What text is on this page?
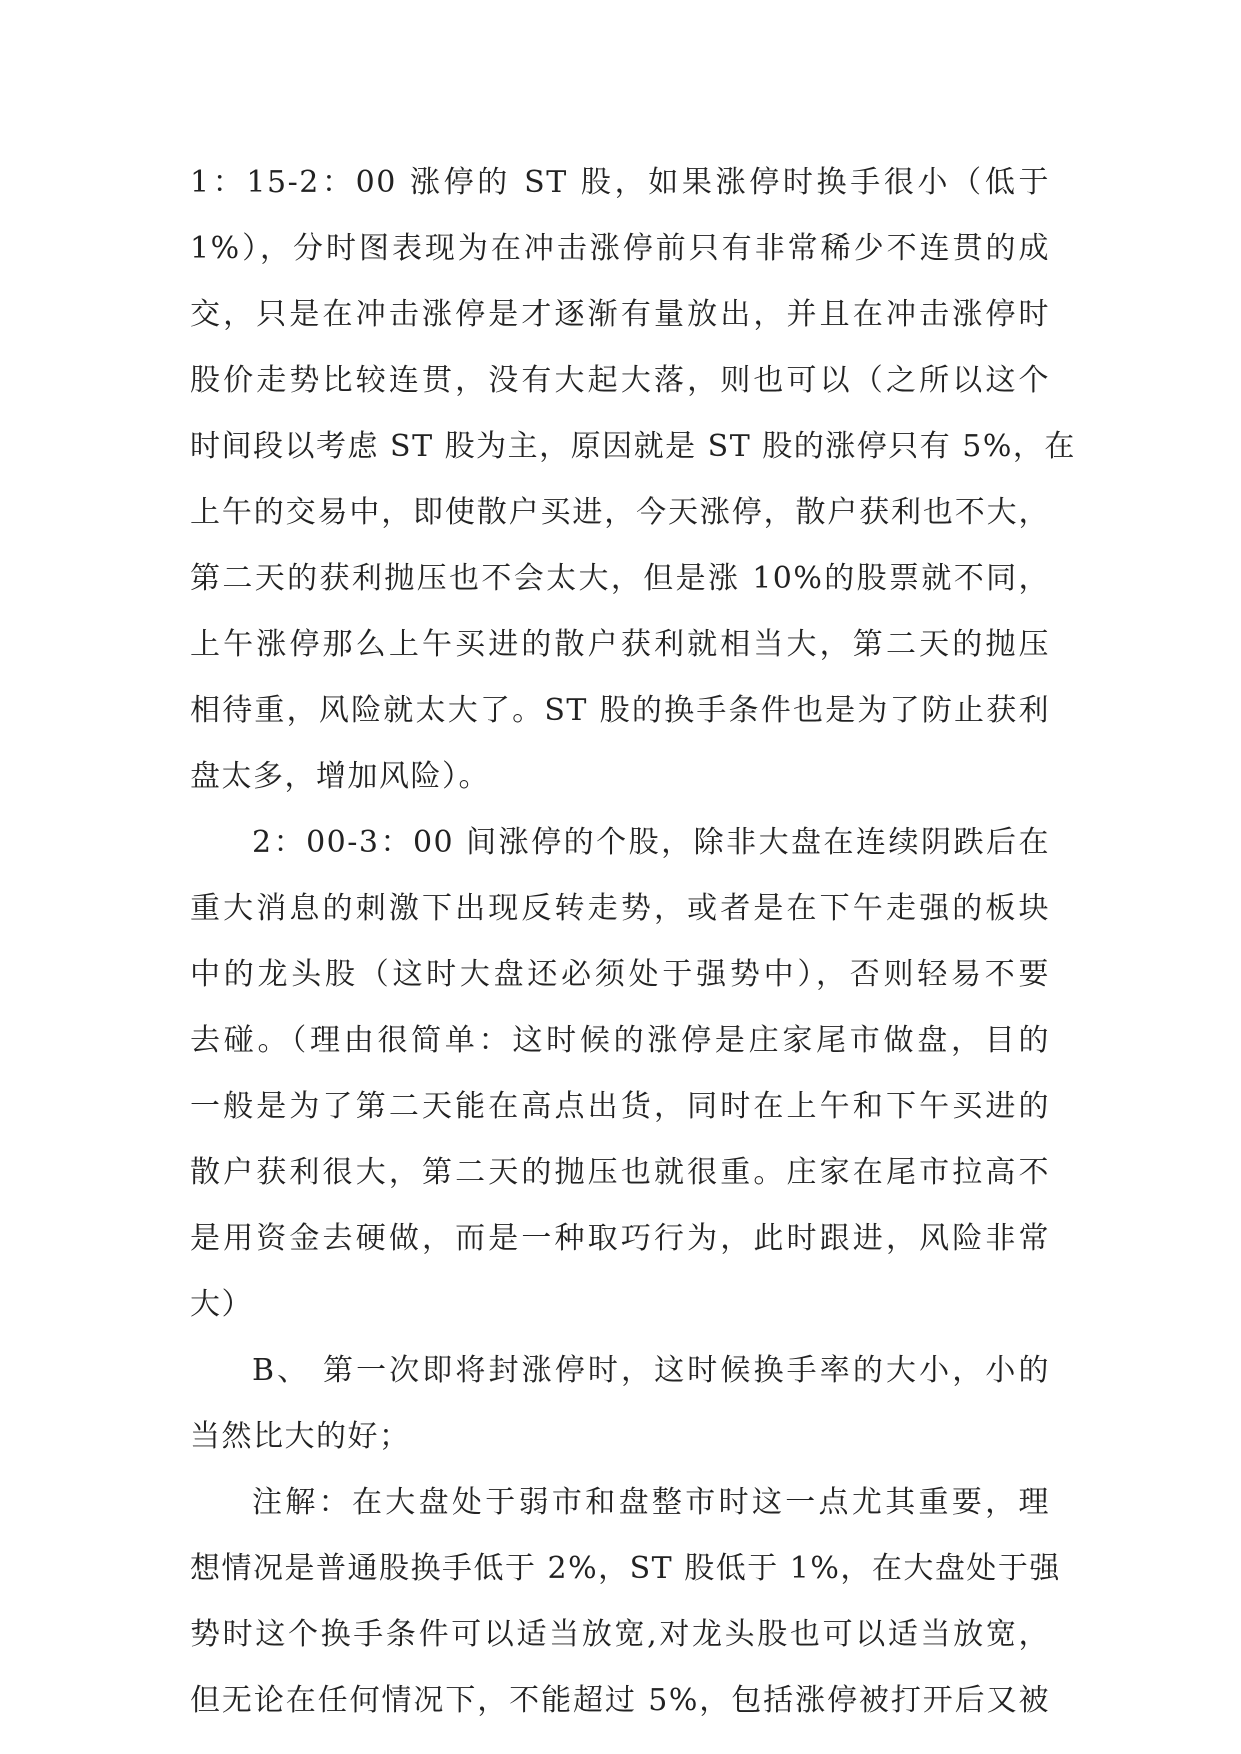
1：15-2：00 涨停的 ST 股，如果涨停时换手很小（低于
1%），分时图表现为在冲击涨停前只有非常稀少不连贯的成
交，只是在冲击涨停是才逐渐有量放出，并且在冲击涨停时
股价走势比较连贯，没有大起大落，则也可以（之所以这个
时间段以考虑 ST 股为主，原因就是 ST 股的涨停只有 5%，在
上午的交易中，即使散户买进，今天涨停，散户获利也不大，
第二天的获利抛压也不会太大，但是涨 10%的股票就不同，
上午涨停那么上午买进的散户获利就相当大，第二天的抛压
相待重，风险就太大了。ST 股的换手条件也是为了防止获利
盘太多，增加风险）。
2：00-3：00 间涨停的个股，除非大盘在连续阴跌后在
重大消息的刺激下出现反转走势，或者是在下午走强的板块
中的龙头股（这时大盘还必须处于强势中），否则轻易不要
去碰。（理由很简单：这时候的涨停是庄家尾市做盘，目的
一般是为了第二天能在高点出货，同时在上午和下午买进的
散户获利很大，第二天的抛压也就很重。庄家在尾市拉高不
是用资金去硬做，而是一种取巧行为，此时跟进，风险非常
大）
B、 第一次即将封涨停时，这时候换手率的大小，小的
当然比大的好；
注解：在大盘处于弱市和盘整市时这一点尤其重要，理
想情况是普通股换手低于 2%，ST 股低于 1%，在大盘处于强
势时这个换手条件可以适当放宽,对龙头股也可以适当放宽，
但无论在任何情况下，不能超过 5%，包括涨停被打开后又被
